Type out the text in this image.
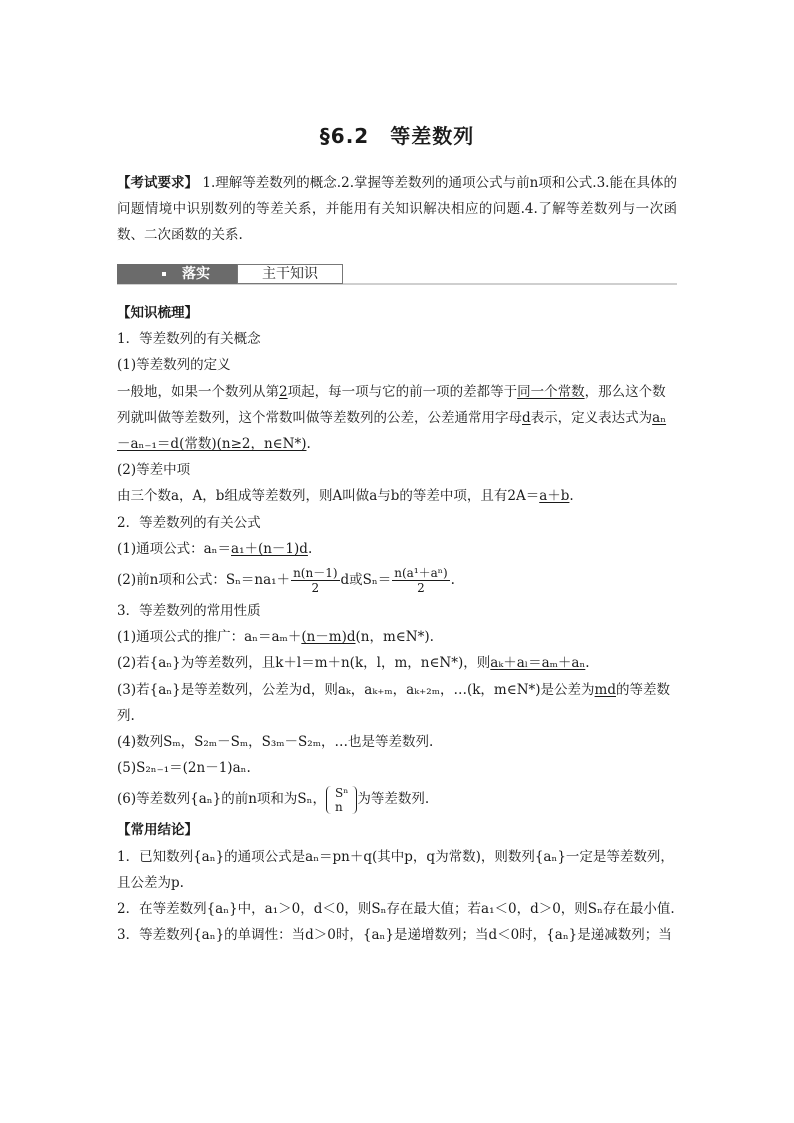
§6.2　等差数列
【考试要求】 1.理解等差数列的概念.2.掌握等差数列的通项公式与前n项和公式.3.能在具体的问题情境中识别数列的等差关系，并能用有关知识解决相应的问题.4.了解等差数列与一次函数、二次函数的关系.
落实	主干知识

【知识梳理】

1．等差数列的有关概念

(1)等差数列的定义

一般地，如果一个数列从第2项起，每一项与它的前一项的差都等于同一个常数，那么这个数列就叫做等差数列，这个常数叫做等差数列的公差，公差通常用字母d表示，定义表达式为aₙ－aₙ₋₁＝d(常数)(n≥2，n∈N*).

(2)等差中项

由三个数a，A，b组成等差数列，则A叫做a与b的等差中项，且有2A＝a＋b.

2．等差数列的有关公式

(1)通项公式：aₙ＝a₁＋(n－1)d.

(2)前n项和公式：$S_n=na_1+ \frac{n(n-1)}{2}$ d或$S_n= \frac{\text{n(a¹＋aⁿ)}}{2}$ .

3．等差数列的常用性质

(1)通项公式的推广：aₙ＝aₘ＋(n－m)d(n，m∈N*).

(2)若{aₙ}为等差数列，且k＋l＝m＋n(k，l，m，n∈N*)，则aₖ＋aₗ＝aₘ＋aₙ.

(3)若{aₙ}是等差数列，公差为d，则aₖ，aₖ₊ₘ，aₖ₊₂ₘ，…(k，m∈N*)是公差为md的等差数列.

(4)数列Sₘ，S₂ₘ－Sₘ，S₃ₘ－S₂ₘ，…也是等差数列.

(5)S₂ₙ₋₁＝(2n－1)aₙ.

(6)等差数列{aₙ}的前n项和为Sₙ， Sⁿ
n	为等差数列.

【常用结论】

1．已知数列{aₙ}的通项公式是aₙ＝pn＋q(其中p，q为常数)，则数列{aₙ}一定是等差数列，且公差为p.

2．在等差数列{aₙ}中，a₁＞0，d＜0，则Sₙ存在最大值；若a₁＜0，d＞0，则Sₙ存在最小值.

3．等差数列{aₙ}的单调性：当d＞0时，{aₙ}是递增数列；当d＜0时，{aₙ}是递减数列；当
